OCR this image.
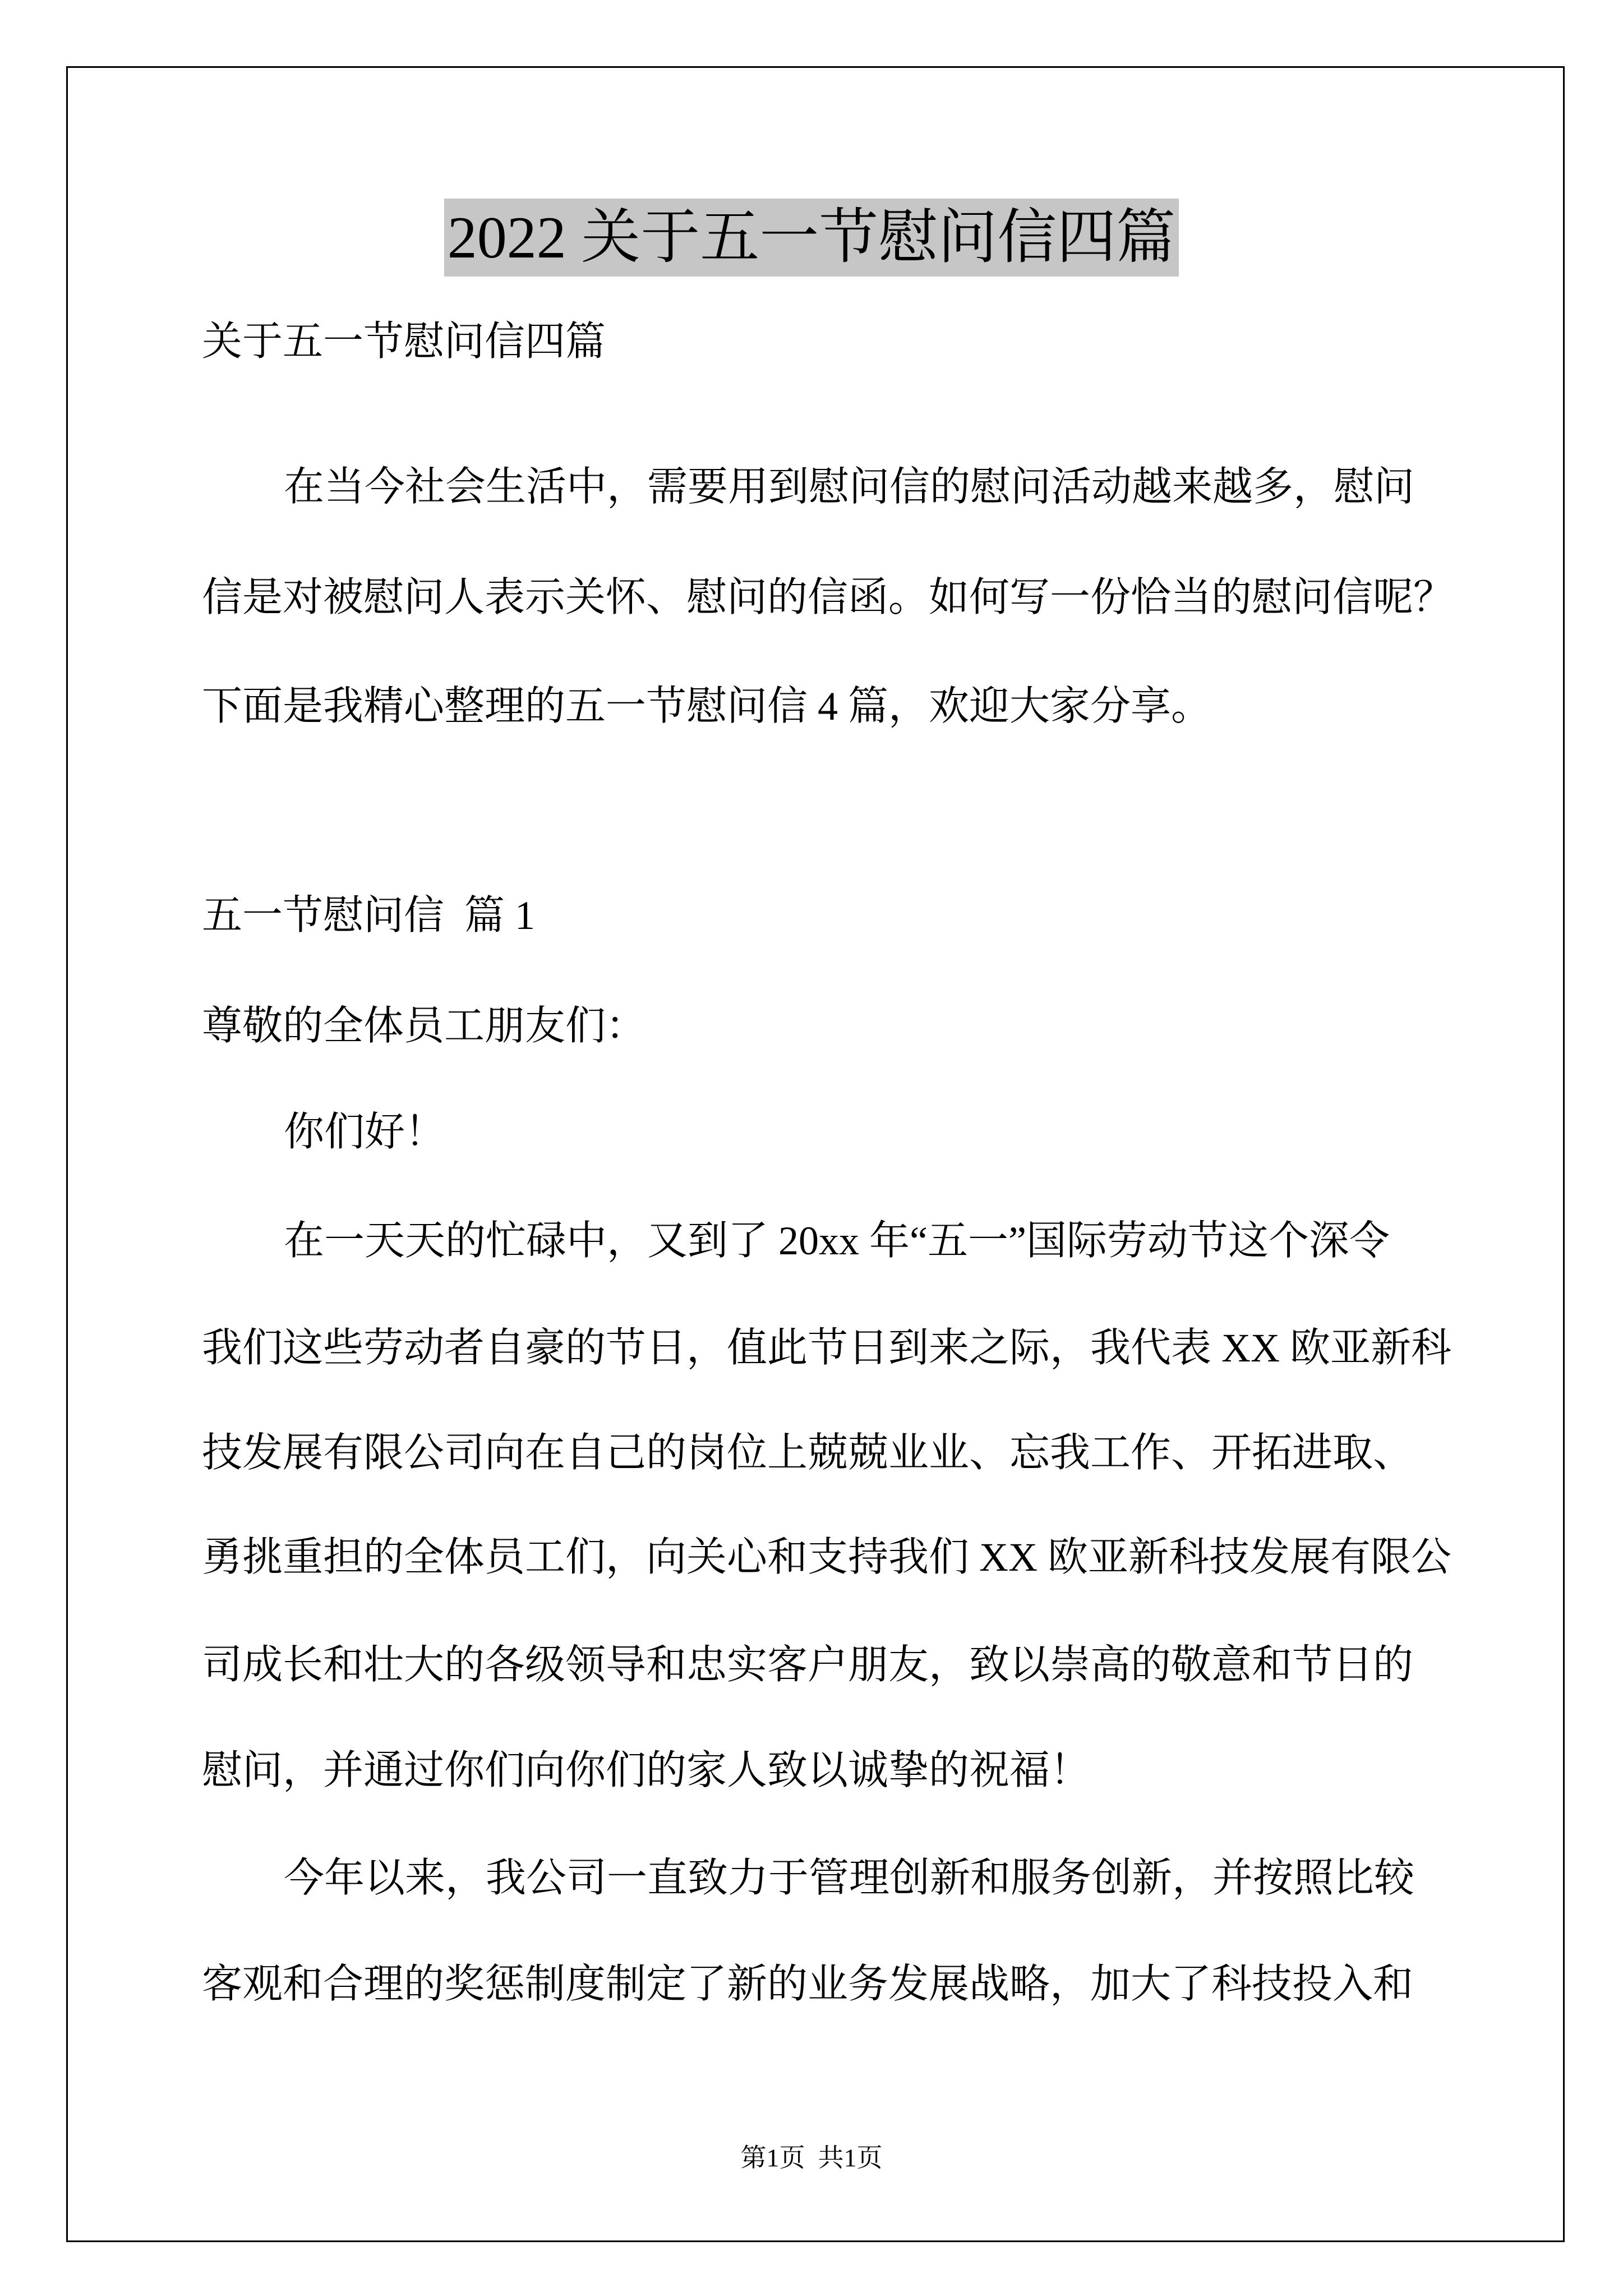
2022 关于五一节慰问信四篇
关于五一节慰问信四篇
在当今社会生活中，需要用到慰问信的慰问活动越来越多，慰问
信是对被慰问人表示关怀、慰问的信函。如何写一份恰当的慰问信呢？
下面是我精心整理的五一节慰问信 4 篇，欢迎大家分享。
五一节慰问信  篇 1
尊敬的全体员工朋友们：
你们好！
在一天天的忙碌中，又到了 20xx 年“五一”国际劳动节这个深令
我们这些劳动者自豪的节日，值此节日到来之际，我代表 XX 欧亚新科
技发展有限公司向在自己的岗位上兢兢业业、忘我工作、开拓进取、
勇挑重担的全体员工们，向关心和支持我们 XX 欧亚新科技发展有限公
司成长和壮大的各级领导和忠实客户朋友，致以崇高的敬意和节日的
慰问，并通过你们向你们的家人致以诚挚的祝福！
今年以来，我公司一直致力于管理创新和服务创新，并按照比较
客观和合理的奖惩制度制定了新的业务发展战略，加大了科技投入和
第1页  共1页
